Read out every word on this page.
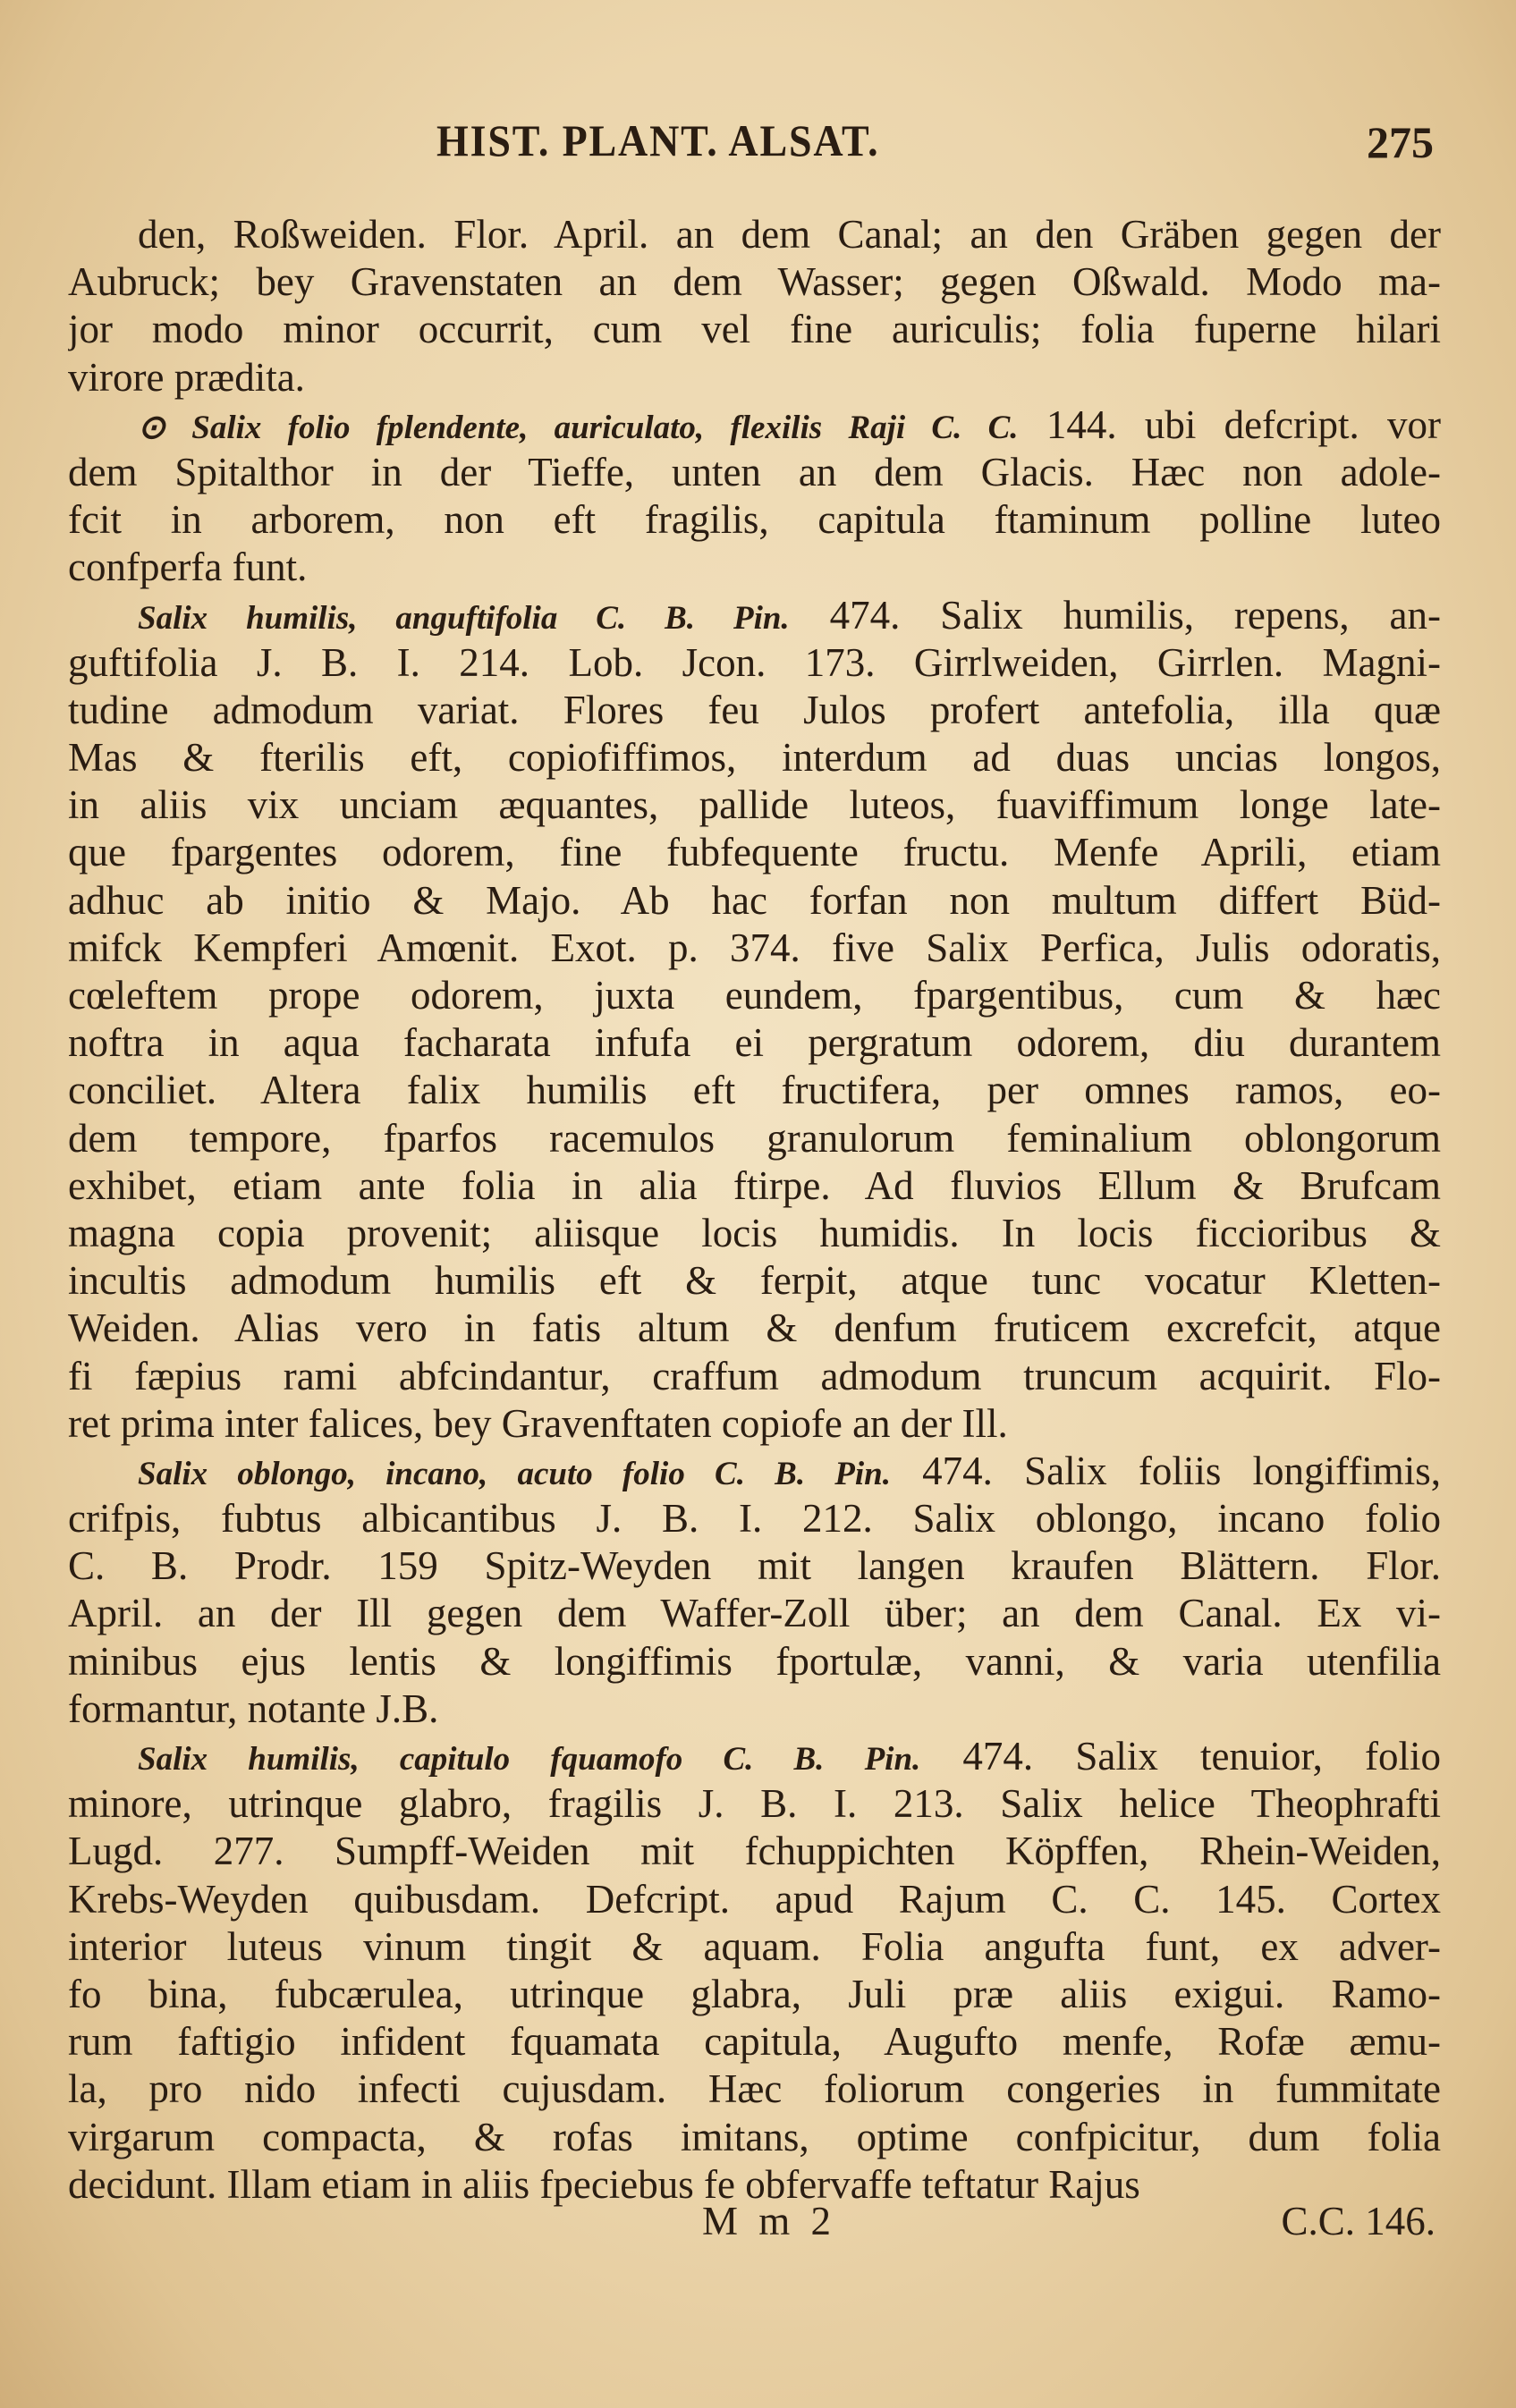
HIST. PLANT. ALSAT.	275
den, Roßweiden. Flor. April. an dem Canal; an den Gräben gegen der
Aubruck; bey Gravenstaten an dem Wasser; gegen Oßwald. Modo ma-
jor modo minor occurrit, cum vel fine auriculis; folia fuperne hilari
virore prædita.
⊙ Salix folio fplendente, auriculato, flexilis Raji C. C. 144. ubi defcript. vor
dem Spitalthor in der Tieffe, unten an dem Glacis. Hæc non adole-
fcit in arborem, non eft fragilis, capitula ftaminum polline luteo
confperfa funt.
Salix humilis, anguftifolia C. B. Pin. 474. Salix humilis, repens, an-
guftifolia J. B. I. 214. Lob. Jcon. 173. Girrlweiden, Girrlen. Magni-
tudine admodum variat. Flores feu Julos profert antefolia, illa quæ
Mas & fterilis eft, copiofiffimos, interdum ad duas uncias longos,
in aliis vix unciam æquantes, pallide luteos, fuaviffimum longe late-
que fpargentes odorem, fine fubfequente fructu. Menfe Aprili, etiam
adhuc ab initio & Majo. Ab hac forfan non multum differt Büd-
mifck Kempferi Amœnit. Exot. p. 374. five Salix Perfica, Julis odoratis,
cœleftem prope odorem, juxta eundem, fpargentibus, cum & hæc
noftra in aqua facharata infufa ei pergratum odorem, diu durantem
conciliet. Altera falix humilis eft fructifera, per omnes ramos, eo-
dem tempore, fparfos racemulos granulorum feminalium oblongorum
exhibet, etiam ante folia in alia ftirpe. Ad fluvios Ellum & Brufcam
magna copia provenit; aliisque locis humidis. In locis ficcioribus &
incultis admodum humilis eft & ferpit, atque tunc vocatur Kletten-
Weiden. Alias vero in fatis altum & denfum fruticem excrefcit, atque
fi fæpius rami abfcindantur, craffum admodum truncum acquirit. Flo-
ret prima inter falices, bey Gravenftaten copiofe an der Ill.
Salix oblongo, incano, acuto folio C. B. Pin. 474. Salix foliis longiffimis,
crifpis, fubtus albicantibus J. B. I. 212. Salix oblongo, incano folio
C. B. Prodr. 159 Spitz-Weyden mit langen kraufen Blättern. Flor.
April. an der Ill gegen dem Waffer-Zoll über; an dem Canal. Ex vi-
minibus ejus lentis & longiffimis fportulæ, vanni, & varia utenfilia
formantur, notante J.B.
Salix humilis, capitulo fquamofo C. B. Pin. 474. Salix tenuior, folio
minore, utrinque glabro, fragilis J. B. I. 213. Salix helice Theophrafti
Lugd. 277. Sumpff-Weiden mit fchuppichten Köpffen, Rhein-Weiden,
Krebs-Weyden quibusdam. Defcript. apud Rajum C. C. 145. Cortex
interior luteus vinum tingit & aquam. Folia angufta funt, ex adver-
fo bina, fubcærulea, utrinque glabra, Juli præ aliis exigui. Ramo-
rum faftigio infident fquamata capitula, Augufto menfe, Rofæ æmu-
la, pro nido infecti cujusdam. Hæc foliorum congeries in fummitate
virgarum compacta, & rofas imitans, optime confpicitur, dum folia
decidunt. Illam etiam in aliis fpeciebus fe obfervaffe teftatur Rajus
M m 2	C.C. 146.
